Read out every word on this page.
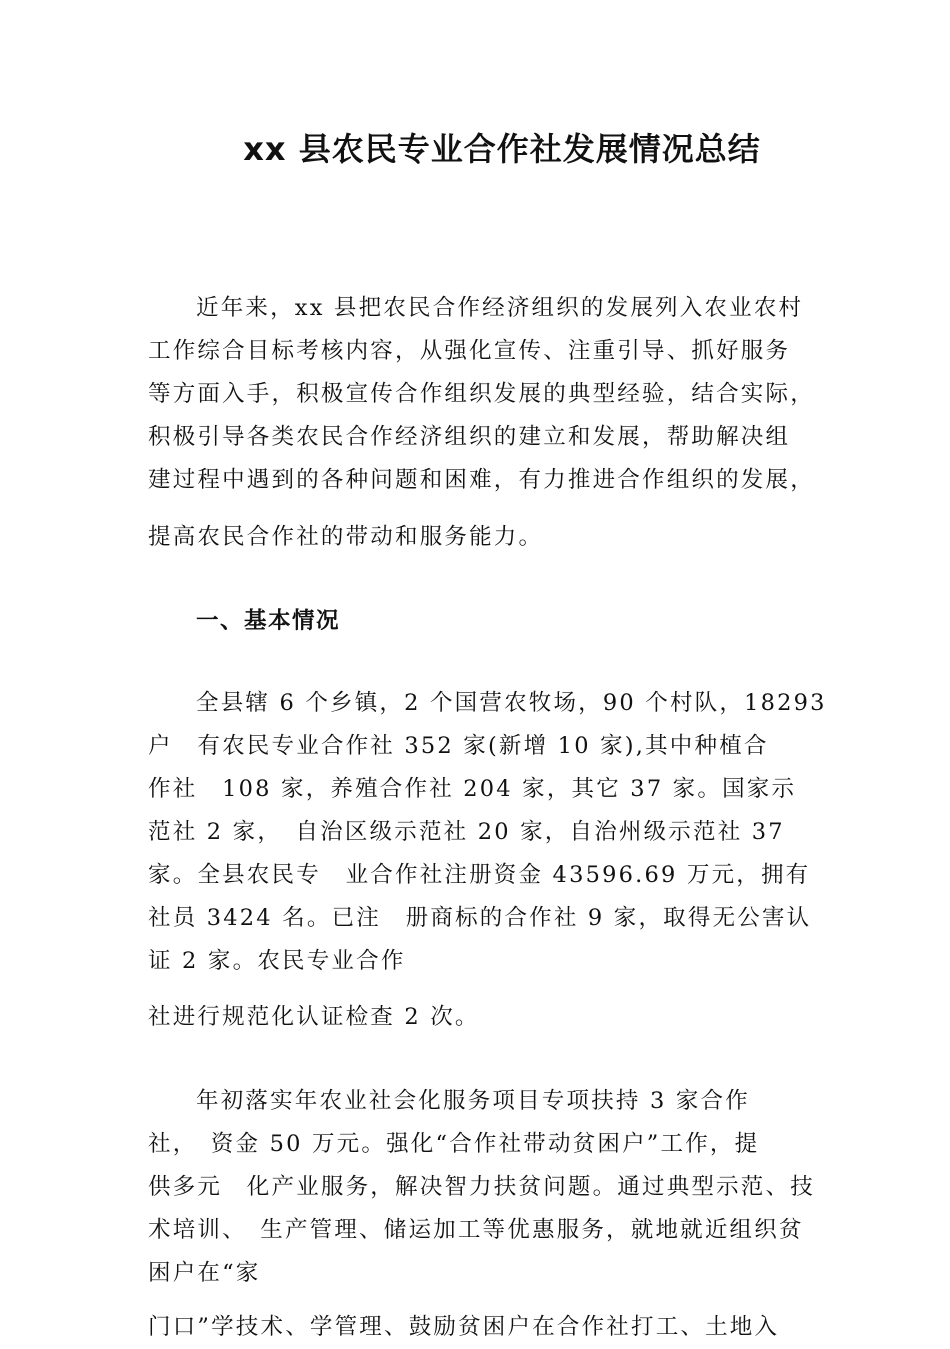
xx 县农民专业合作社发展情况总结

近年来，xx 县把农民合作经济组织的发展列入农业农村
工作综合目标考核内容，从强化宣传、注重引导、抓好服务
等方面入手，积极宣传合作组织发展的典型经验，结合实际，
积极引导各类农民合作经济组织的建立和发展，帮助解决组
建过程中遇到的各种问题和困难，有力推进合作组织的发展，

提高农民合作社的带动和服务能力。

一、基本情况

全县辖 6 个乡镇，2 个国营农牧场，90 个村队，18293
户　有农民专业合作社 352 家(新增 10 家),其中种植合
作社　108 家，养殖合作社 204 家，其它 37 家。国家示
范社 2 家，　自治区级示范社 20 家，自治州级示范社 37
家。全县农民专　业合作社注册资金 43596.69 万元，拥有
社员 3424 名。已注　册商标的合作社 9 家，取得无公害认
证 2 家。农民专业合作

社进行规范化认证检查 2 次。

年初落实年农业社会化服务项目专项扶持 3 家合作
社，　资金 50 万元。强化“合作社带动贫困户”工作，提
供多元　化产业服务，解决智力扶贫问题。通过典型示范、技
术培训、　生产管理、储运加工等优惠服务，就地就近组织贫
困户在“家

门口”学技术、学管理、鼓励贫困户在合作社打工、土地入
